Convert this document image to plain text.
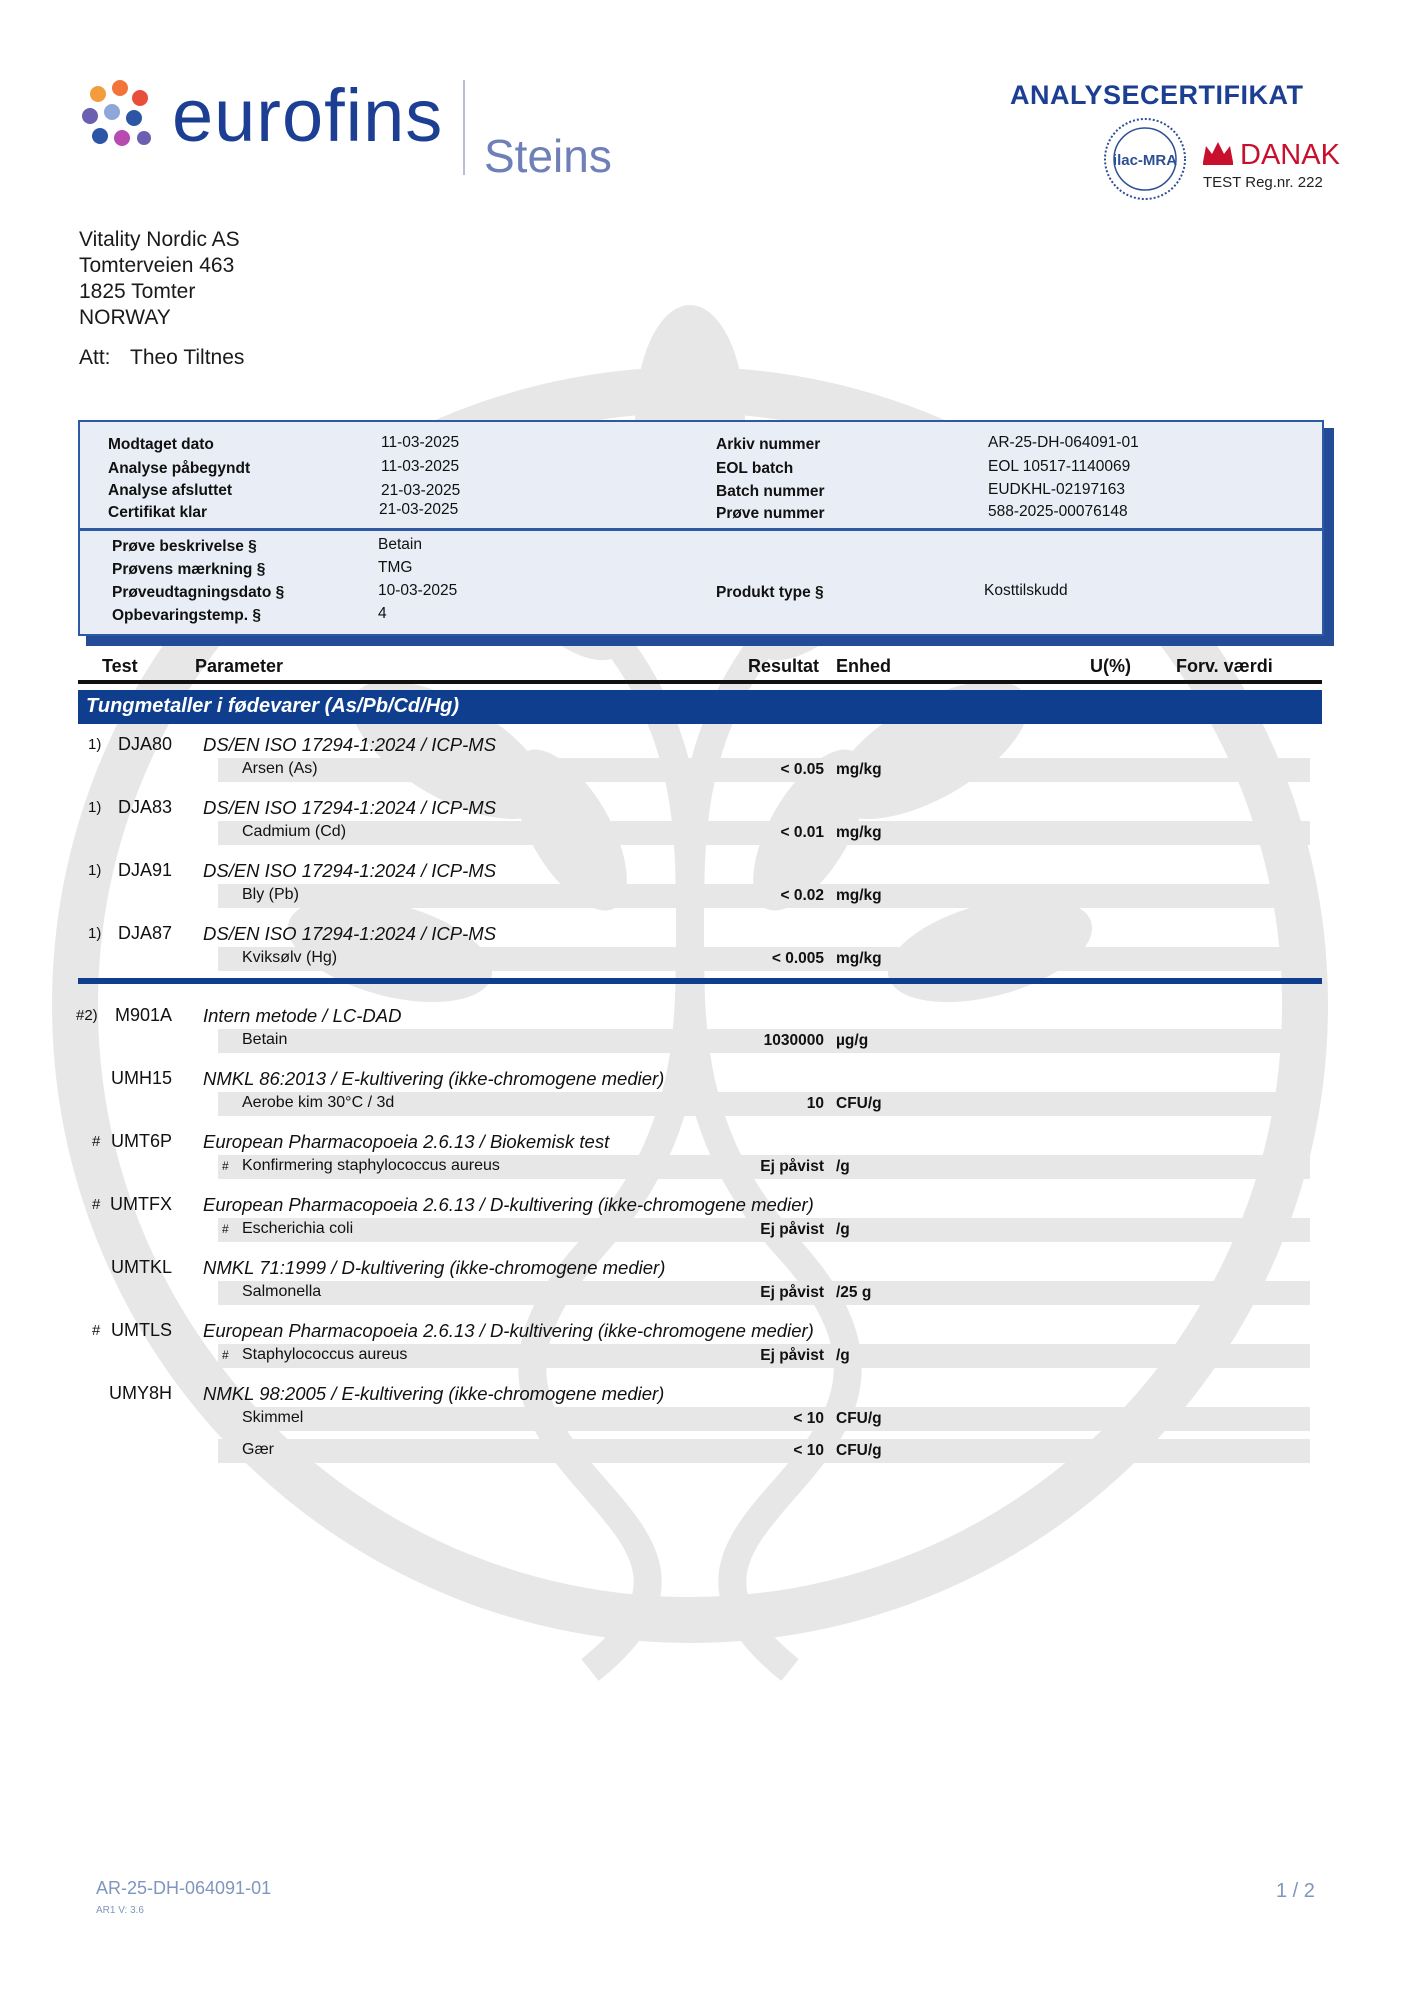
eurofins Steins
ANALYSECERTIFIKAT
ilac-MRA DANAK
TEST Reg.nr. 222
Vitality Nordic AS
Tomterveien 463
1825 Tomter
NORWAY
Att: Theo Tiltnes
Modtaget dato	11-03-2025
Analyse påbegyndt	11-03-2025
Analyse afsluttet	21-03-2025
Certifikat klar	21-03-2025
Arkiv nummer	AR-25-DH-064091-01
EOL batch	EOL 10517-1140069
Batch nummer	EUDKHL-02197163
Prøve nummer	588-2025-00076148
Prøve beskrivelse §	Betain
Prøvens mærkning §	TMG
Prøveudtagningsdato §	10-03-2025
Opbevaringstemp. §	4
Produkt type §	Kosttilskudd
Test	Parameter	Resultat Enhed	U(%)	Forv. værdi
Tungmetaller i fødevarer (As/Pb/Cd/Hg)
1) DJA80 DS/EN ISO 17294-1:2024 / ICP-MS
Arsen (As)	< 0.05 mg/kg
1) DJA83 DS/EN ISO 17294-1:2024 / ICP-MS
Cadmium (Cd)	< 0.01 mg/kg
1) DJA91 DS/EN ISO 17294-1:2024 / ICP-MS
Bly (Pb)	< 0.02 mg/kg
1) DJA87 DS/EN ISO 17294-1:2024 / ICP-MS
Kviksølv (Hg)	< 0.005 mg/kg
#2) M901A Intern metode / LC-DAD
Betain	1030000 µg/g
UMH15 NMKL 86:2013 / E-kultivering (ikke-chromogene medier)
Aerobe kim 30°C / 3d	10 CFU/g
# UMT6P European Pharmacopoeia 2.6.13 / Biokemisk test
# Konfirmering staphylococcus aureus	Ej påvist /g
# UMTFX European Pharmacopoeia 2.6.13 / D-kultivering (ikke-chromogene medier)
# Escherichia coli	Ej påvist /g
UMTKL NMKL 71:1999 / D-kultivering (ikke-chromogene medier)
Salmonella	Ej påvist /25 g
# UMTLS European Pharmacopoeia 2.6.13 / D-kultivering (ikke-chromogene medier)
# Staphylococcus aureus	Ej påvist /g
UMY8H NMKL 98:2005 / E-kultivering (ikke-chromogene medier)
Skimmel	< 10 CFU/g
Gær	< 10 CFU/g
AR-25-DH-064091-01
AR1 V: 3.6
1 / 2
